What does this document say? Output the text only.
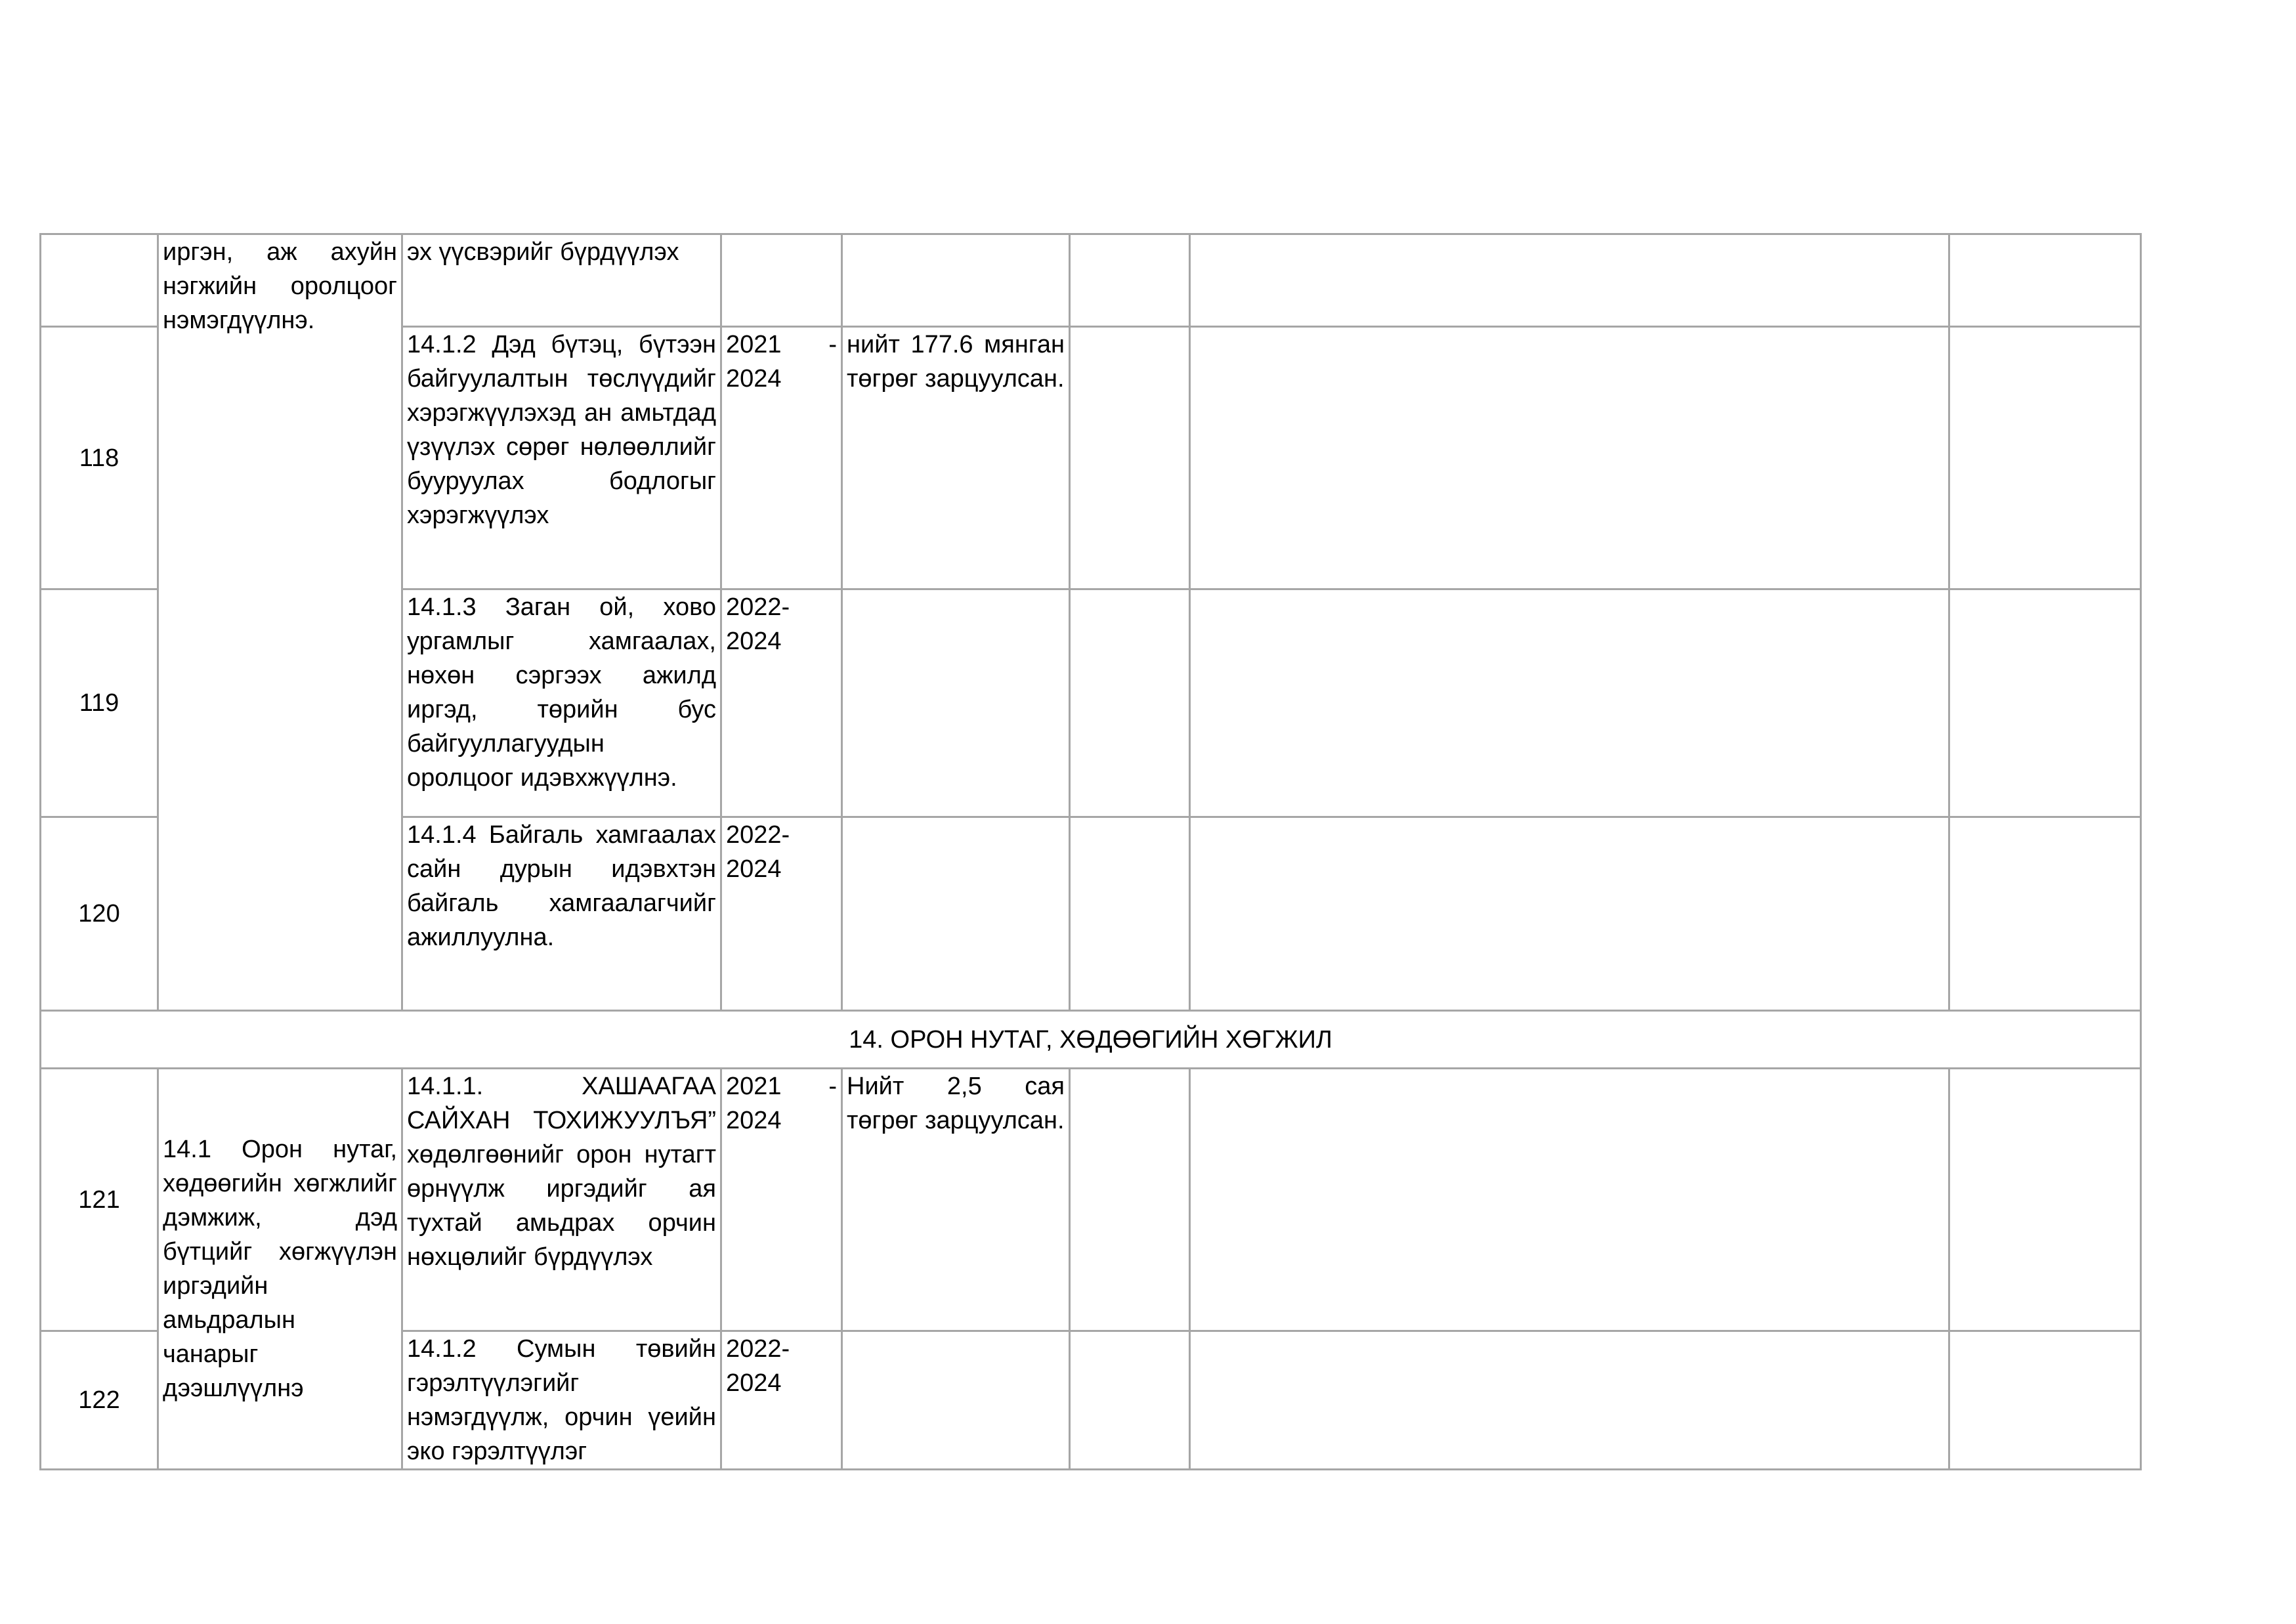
	иргэн, аж ахуйн нэгжийн оролцоог нэмэгдүүлнэ.	эх үүсвэрийг бүрдүүлэх					

118		14.1.2 Дэд бүтэц, бүтээн байгуулалтын төслүүдийг хэрэгжүүлэхэд ан амьтдад үзүүлэх сөрөг нөлөөллийг бууруулах бодлогыг хэрэгжүүлэх	2021 - 2024	нийт 177.6 мянган төгрөг зарцуулсан.			
119		14.1.3 Заган ой, хово ургамлыг хамгаалах, нөхөн сэргээх ажилд иргэд, төрийн бус байгууллагуудын оролцоог идэвхжүүлнэ.	2022- 2024				
120		14.1.4 Байгаль хамгаалах сайн дурын идэвхтэн байгаль хамгаалагчийг ажиллуулна.	2022- 2024				
14. ОРОН НУТАГ, ХӨДӨӨГИЙН ХӨГЖИЛ							
121	14.1 Орон нутаг, хөдөөгийн хөгжлийг дэмжиж, дэд бүтцийг хөгжүүлэн иргэдийн амьдралын чанарыг дээшлүүлнэ	14.1.1. ХАШААГАА САЙХАН ТОХИЖУУЛЪЯ” хөдөлгөөнийг орон нутагт өрнүүлж иргэдийг ая тухтай амьдрах орчин нөхцөлийг бүрдүүлэх	2021 - 2024	Нийт 2,5 сая төгрөг зарцуулсан.			
122		14.1.2 Сумын төвийн гэрэлтүүлэгийг нэмэгдүүлж, орчин үеийн эко гэрэлтүүлэг	2022- 2024				
